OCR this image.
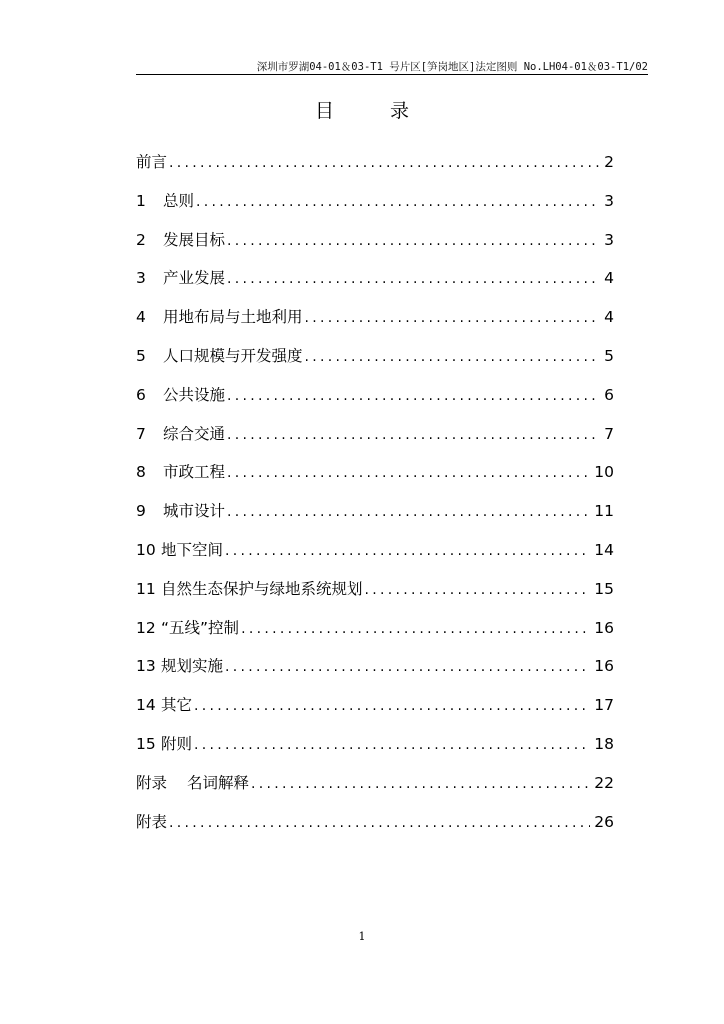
深圳市罗湖04-01＆03-T1 号片区[笋岗地区]法定图则 No.LH04-01＆03-T1/02
目	录
前言 .....	2
1	总则 .....	3
2	发展目标 .....	3
3	产业发展 .....	4
4	用地布局与土地利用 .....	4
5	人口规模与开发强度 .....	5
6	公共设施 .....	6
7	综合交通 .....	7
8	市政工程 .....	10
9	城市设计 .....	11
10 地下空间 .....	14
11 自然生态保护与绿地系统规划 .....	15
12 “五线”控制 .....	16
13 规划实施 .....	16
14 其它 .....	17
15 附则 .....	18
附录	名词解释 .....	22
附表 .....	26
1
